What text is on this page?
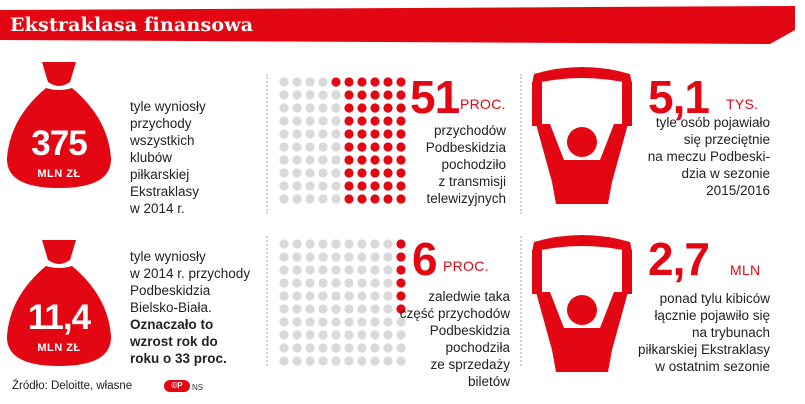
Ekstraklasa finansowa
375
MLN ZŁ
tyle wyniosły
przychody
wszystkich
klubów
piłkarskiej
Ekstraklasy
w 2014 r.
11,4
MLN ZŁ
tyle wyniosły
w 2014 r. przychody
Podbeskidzia
Bielsko-Biała.
Oznaczało to
wzrost rok do
roku o 33 proc.
51 PROC.
przychodów
Podbeskidzia
pochodziło
z transmisji
telewizyjnych
6 PROC.
zaledwie taka
część przychodów
Podbeskidzia
pochodziła
ze sprzedaży biletów
5,1 TYS.
tyle osób pojawiało
się przeciętnie
na meczu Podbeski-
dzia w sezonie
2015/2016
2,7 MLN
ponad tylu kibiców
łącznie pojawiło się
na trybunach
piłkarskiej Ekstraklasy
w ostatnim sezonie
Źródło: Deloitte, własne	©P	NS
